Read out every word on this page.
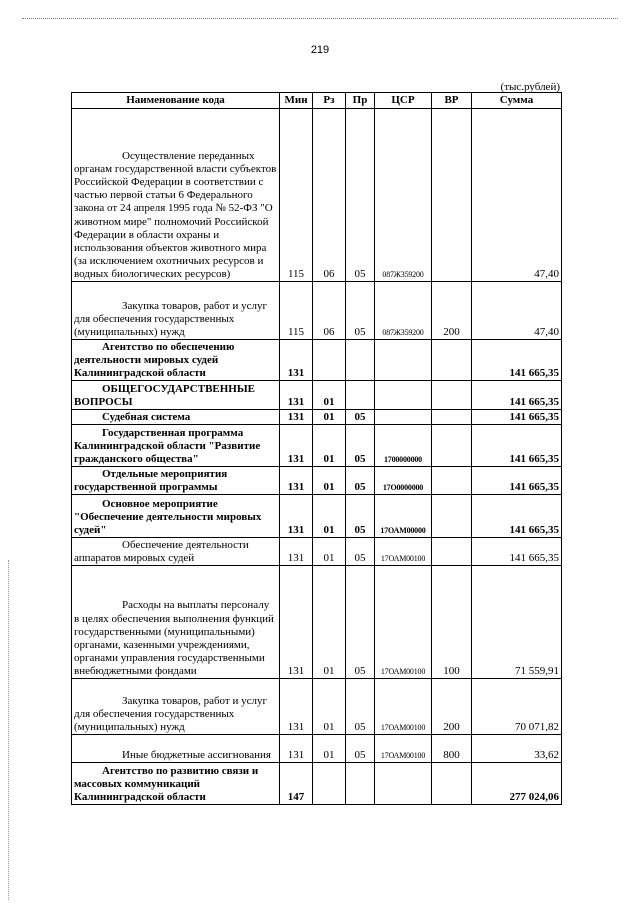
219
(тыс.рублей)
Наименование кода	Мин	Рз	Пр	ЦСР	ВР	Сумма
Осуществление переданных органам государственной власти субъектов Российской Федерации в соответствии с частью первой статьи 6 Федерального закона от 24 апреля 1995 года № 52-ФЗ "О животном мире" полномочий Российской Федерации в области охраны и использования объектов животного мира (за исключением охотничьих ресурсов и водных биологических ресурсов)	115	06	05	087Ж359200		47,40
Закупка товаров, работ и услуг для обеспечения государственных (муниципальных) нужд	115	06	05	087Ж359200	200	47,40
Агентство по обеспечению деятельности мировых судей Калининградской области	131					141 665,35
ОБЩЕГОСУДАРСТВЕННЫЕ ВОПРОСЫ	131	01				141 665,35
Судебная система	131	01	05			141 665,35
Государственная программа Калининградской области "Развитие гражданского общества"	131	01	05	1700000000		141 665,35
Отдельные мероприятия государственной программы	131	01	05	17О0000000		141 665,35
Основное мероприятие "Обеспечение деятельности мировых судей"	131	01	05	17ОАМ00000		141 665,35
Обеспечение деятельности аппаратов мировых судей	131	01	05	17ОАМ00100		141 665,35
Расходы на выплаты персоналу в целях обеспечения выполнения функций государственными (муниципальными) органами, казенными учреждениями, органами управления государственными внебюджетными фондами	131	01	05	17ОАМ00100	100	71 559,91
Закупка товаров, работ и услуг для обеспечения государственных (муниципальных) нужд	131	01	05	17ОАМ00100	200	70 071,82
Иные бюджетные ассигнования	131	01	05	17ОАМ00100	800	33,62
Агентство по развитию связи и массовых коммуникаций Калининградской области	147					277 024,06
